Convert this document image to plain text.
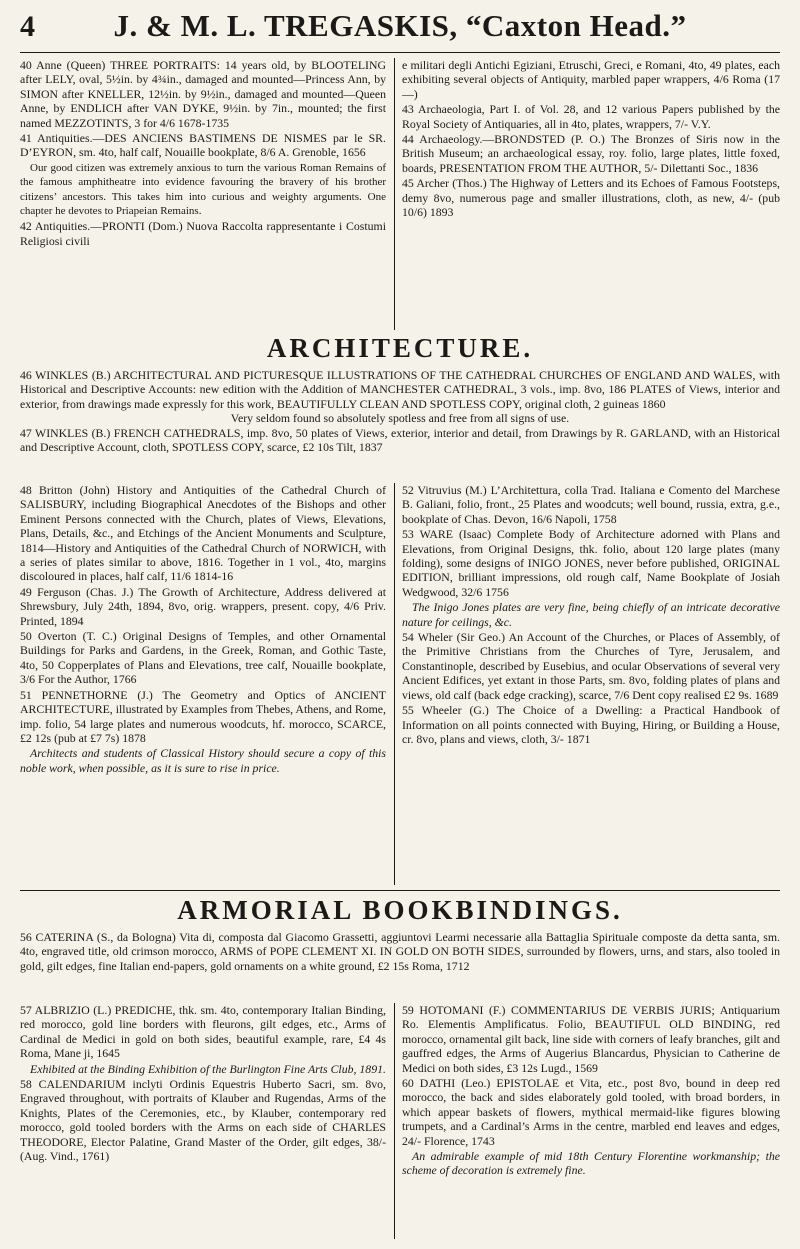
4	J. & M. L. TREGASKIS, “Caxton Head.”

40 Anne (Queen) THREE PORTRAITS: 14 years old, by BLOOTELING after LELY, oval, 5½in. by 4¾in., damaged and mounted—Princess Ann, by SIMON after KNELLER, 12½in. by 9½in., damaged and mounted—Queen Anne, by ENDLICH after VAN DYKE, 9½in. by 7in., mounted; the first named MEZZOTINTS, 3 for 4/6 1678-1735

41 Antiquities.—DES ANCIENS BASTIMENS DE NISMES par le SR. D’EYRON, sm. 4to, half calf, Nouaille bookplate, 8/6 A. Grenoble, 1656

Our good citizen was extremely anxious to turn the various Roman Remains of the famous amphitheatre into evidence favouring the bravery of his brother citizens’ ancestors. This takes him into curious and weighty arguments. One chapter he devotes to Priapeian Remains.

42 Antiquities.—PRONTI (Dom.) Nuova Raccolta rappresentante i Costumi Religiosi civili

e militari degli Antichi Egiziani, Etruschi, Greci, e Romani, 4to, 49 plates, each exhibiting several objects of Antiquity, marbled paper wrappers, 4/6 Roma (17—)

43 Archaeologia, Part I. of Vol. 28, and 12 various Papers published by the Royal Society of Antiquaries, all in 4to, plates, wrappers, 7/- V.Y.

44 Archaeology.—BRONDSTED (P. O.) The Bronzes of Siris now in the British Museum; an archaeological essay, roy. folio, large plates, little foxed, boards, PRESENTATION FROM THE AUTHOR, 5/- Dilettanti Soc., 1836

45 Archer (Thos.) The Highway of Letters and its Echoes of Famous Footsteps, demy 8vo, numerous page and smaller illustrations, cloth, as new, 4/- (pub 10/6) 1893

ARCHITECTURE.

46 WINKLES (B.) ARCHITECTURAL AND PICTURESQUE ILLUSTRATIONS OF THE CATHEDRAL CHURCHES OF ENGLAND AND WALES, with Historical and Descriptive Accounts: new edition with the Addition of MANCHESTER CATHEDRAL, 3 vols., imp. 8vo, 186 PLATES of Views, interior and exterior, from drawings made expressly for this work, BEAUTIFULLY CLEAN AND SPOTLESS COPY, original cloth, 2 guineas 1860

Very seldom found so absolutely spotless and free from all signs of use.

47 WINKLES (B.) FRENCH CATHEDRALS, imp. 8vo, 50 plates of Views, exterior, interior and detail, from Drawings by R. GARLAND, with an Historical and Descriptive Account, cloth, SPOTLESS COPY, scarce, £2 10s Tilt, 1837

48 Britton (John) History and Antiquities of the Cathedral Church of SALISBURY, including Biographical Anecdotes of the Bishops and other Eminent Persons connected with the Church, plates of Views, Elevations, Plans, Details, &c., and Etchings of the Ancient Monuments and Sculpture, 1814—History and Antiquities of the Cathedral Church of NORWICH, with a series of plates similar to above, 1816. Together in 1 vol., 4to, margins discoloured in places, half calf, 11/6 1814-16

49 Ferguson (Chas. J.) The Growth of Architecture, Address delivered at Shrewsbury, July 24th, 1894, 8vo, orig. wrappers, present. copy, 4/6 Priv. Printed, 1894

50 Overton (T. C.) Original Designs of Temples, and other Ornamental Buildings for Parks and Gardens, in the Greek, Roman, and Gothic Taste, 4to, 50 Copperplates of Plans and Elevations, tree calf, Nouaille bookplate, 3/6 For the Author, 1766

51 PENNETHORNE (J.) The Geometry and Optics of ANCIENT ARCHITECTURE, illustrated by Examples from Thebes, Athens, and Rome, imp. folio, 54 large plates and numerous woodcuts, hf. morocco, SCARCE, £2 12s (pub at £7 7s) 1878

Architects and students of Classical History should secure a copy of this noble work, when possible, as it is sure to rise in price.

52 Vitruvius (M.) L’Architettura, colla Trad. Italiana e Comento del Marchese B. Galiani, folio, front., 25 Plates and woodcuts; well bound, russia, extra, g.e., bookplate of Chas. Devon, 16/6 Napoli, 1758

53 WARE (Isaac) Complete Body of Architecture adorned with Plans and Elevations, from Original Designs, thk. folio, about 120 large plates (many folding), some designs of INIGO JONES, never before published, ORIGINAL EDITION, brilliant impressions, old rough calf, Name Bookplate of Josiah Wedgwood, 32/6 1756

The Inigo Jones plates are very fine, being chiefly of an intricate decorative nature for ceilings, &c.

54 Wheler (Sir Geo.) An Account of the Churches, or Places of Assembly, of the Primitive Christians from the Churches of Tyre, Jerusalem, and Constantinople, described by Eusebius, and ocular Observations of several very Ancient Edifices, yet extant in those Parts, sm. 8vo, folding plates of plans and views, old calf (back edge cracking), scarce, 7/6 Dent copy realised £2 9s. 1689

55 Wheeler (G.) The Choice of a Dwelling: a Practical Handbook of Information on all points connected with Buying, Hiring, or Building a House, cr. 8vo, plans and views, cloth, 3/- 1871

ARMORIAL BOOKBINDINGS.

56 CATERINA (S., da Bologna) Vita di, composta dal Giacomo Grassetti, aggiuntovi Learmi necessarie alla Battaglia Spirituale composte da detta santa, sm. 4to, engraved title, old crimson morocco, ARMS of POPE CLEMENT XI. IN GOLD ON BOTH SIDES, surrounded by flowers, urns, and stars, also tooled in gold, gilt edges, fine Italian end-papers, gold ornaments on a white ground, £2 15s Roma, 1712

57 ALBRIZIO (L.) PREDICHE, thk. sm. 4to, contemporary Italian Binding, red morocco, gold line borders with fleurons, gilt edges, etc., Arms of Cardinal de Medici in gold on both sides, beautiful example, rare, £4 4s Roma, Mane ji, 1645

Exhibited at the Binding Exhibition of the Burlington Fine Arts Club, 1891.

58 CALENDARIUM inclyti Ordinis Equestris Huberto Sacri, sm. 8vo, Engraved throughout, with portraits of Klauber and Rugendas, Arms of the Knights, Plates of the Ceremonies, etc., by Klauber, contemporary red morocco, gold tooled borders with the Arms on each side of CHARLES THEODORE, Elector Palatine, Grand Master of the Order, gilt edges, 38/- (Aug. Vind., 1761)

59 HOTOMANI (F.) COMMENTARIUS DE VERBIS JURIS; Antiquarium Ro. Elementis Amplificatus. Folio, BEAUTIFUL OLD BINDING, red morocco, ornamental gilt back, line side with corners of leafy branches, gilt and gauffred edges, the Arms of Augerius Blancardus, Physician to Catherine de Medici on both sides, £3 12s Lugd., 1569

60 DATHI (Leo.) EPISTOLAE et Vita, etc., post 8vo, bound in deep red morocco, the back and sides elaborately gold tooled, with broad borders, in which appear baskets of flowers, mythical mermaid-like figures blowing trumpets, and a Cardinal’s Arms in the centre, marbled end leaves and edges, 24/- Florence, 1743

An admirable example of mid 18th Century Florentine workmanship; the scheme of decoration is extremely fine.
